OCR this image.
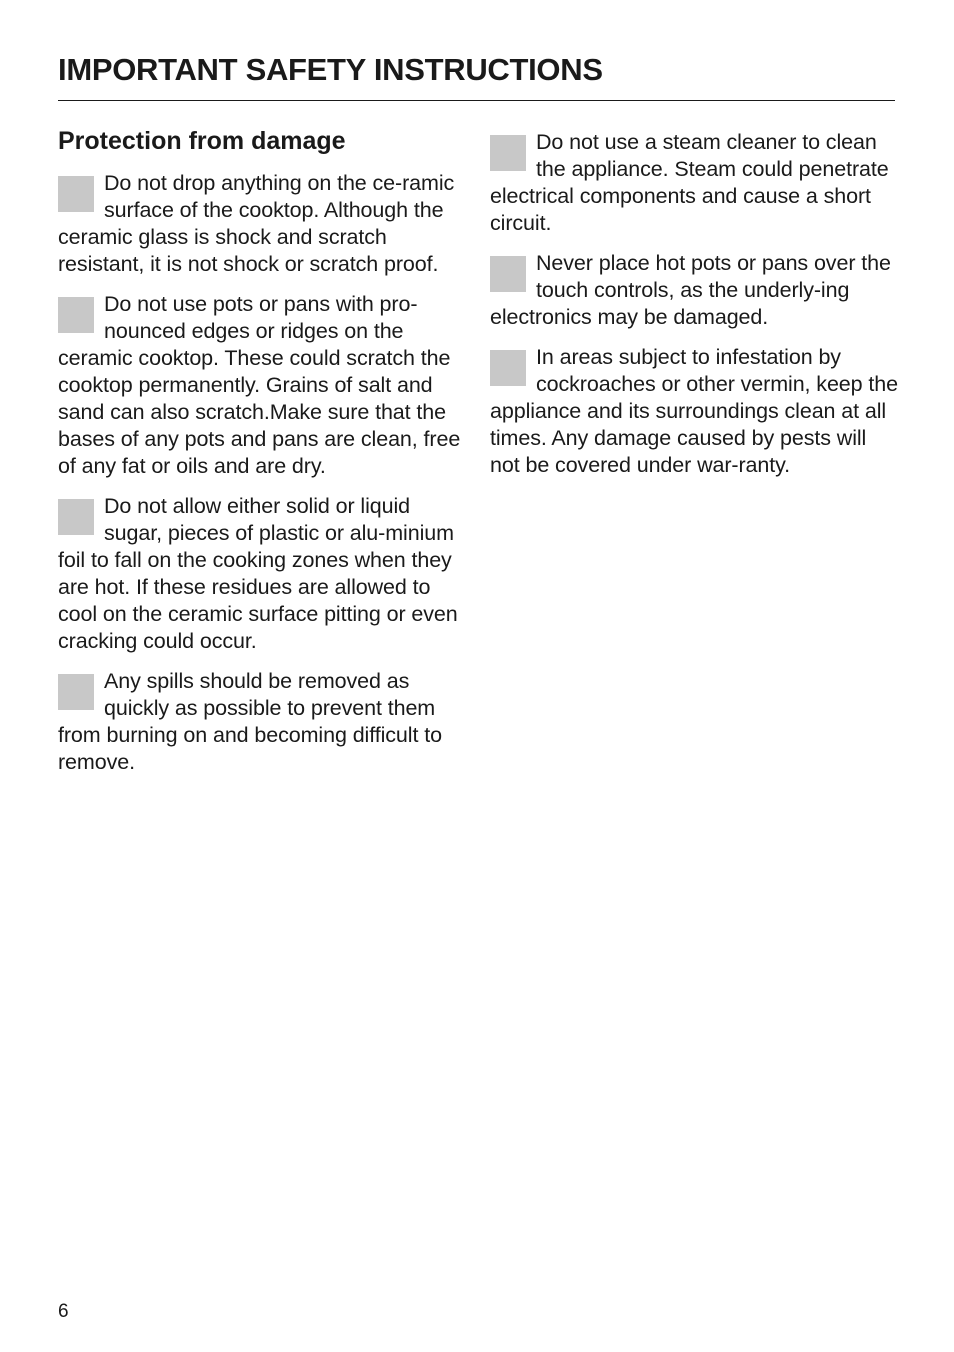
IMPORTANT SAFETY INSTRUCTIONS
Protection from damage

Do not drop anything on the ce-ramic surface of the cooktop. Although the ceramic glass is shock and scratch resistant, it is not shock or scratch proof.

Do not use pots or pans with pro-nounced edges or ridges on the ceramic cooktop. These could scratch the cooktop permanently. Grains of salt and sand can also scratch.Make sure that the bases of any pots and pans are clean, free of any fat or oils and are dry.

Do not allow either solid or liquid sugar, pieces of plastic or alu-minium foil to fall on the cooking zones when they are hot. If these residues are allowed to cool on the ceramic surface pitting or even cracking could occur.

Any spills should be removed as quickly as possible to prevent them from burning on and becoming difficult to remove.

Do not use a steam cleaner to clean the appliance. Steam could penetrate electrical components and cause a short circuit.

Never place hot pots or pans over the touch controls, as the underly-ing electronics may be damaged.

In areas subject to infestation by cockroaches or other vermin, keep the appliance and its surroundings clean at all times. Any damage caused by pests will not be covered under war-ranty.

6
